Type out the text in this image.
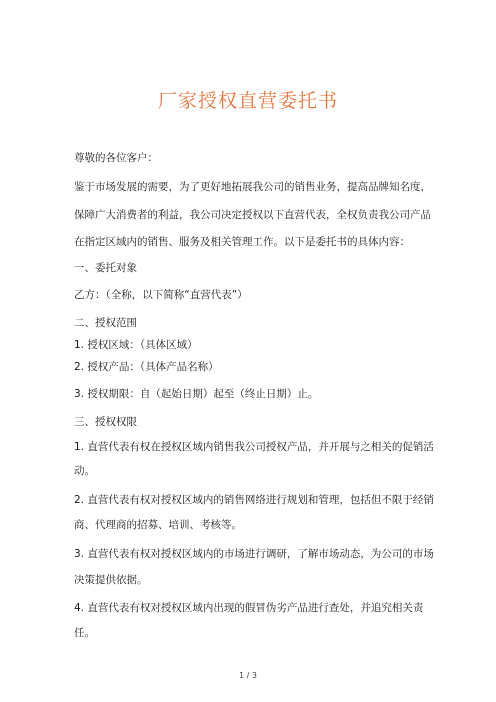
厂家授权直营委托书

尊敬的各位客户：

鉴于市场发展的需要，为了更好地拓展我公司的销售业务，提高品牌知名度，

保障广大消费者的利益，我公司决定授权以下直营代表，全权负责我公司产品

在指定区域内的销售、服务及相关管理工作。以下是委托书的具体内容：

一、委托对象

乙方：（全称，以下简称“直营代表”）

二、授权范围

1. 授权区域：（具体区域）

2. 授权产品：（具体产品名称）

3. 授权期限：自（起始日期）起至（终止日期）止。

三、授权权限

1. 直营代表有权在授权区域内销售我公司授权产品，并开展与之相关的促销活

动。

2. 直营代表有权对授权区域内的销售网络进行规划和管理，包括但不限于经销

商、代理商的招募、培训、考核等。

3. 直营代表有权对授权区域内的市场进行调研，了解市场动态，为公司的市场

决策提供依据。

4. 直营代表有权对授权区域内出现的假冒伪劣产品进行查处，并追究相关责

任。

1 / 3
